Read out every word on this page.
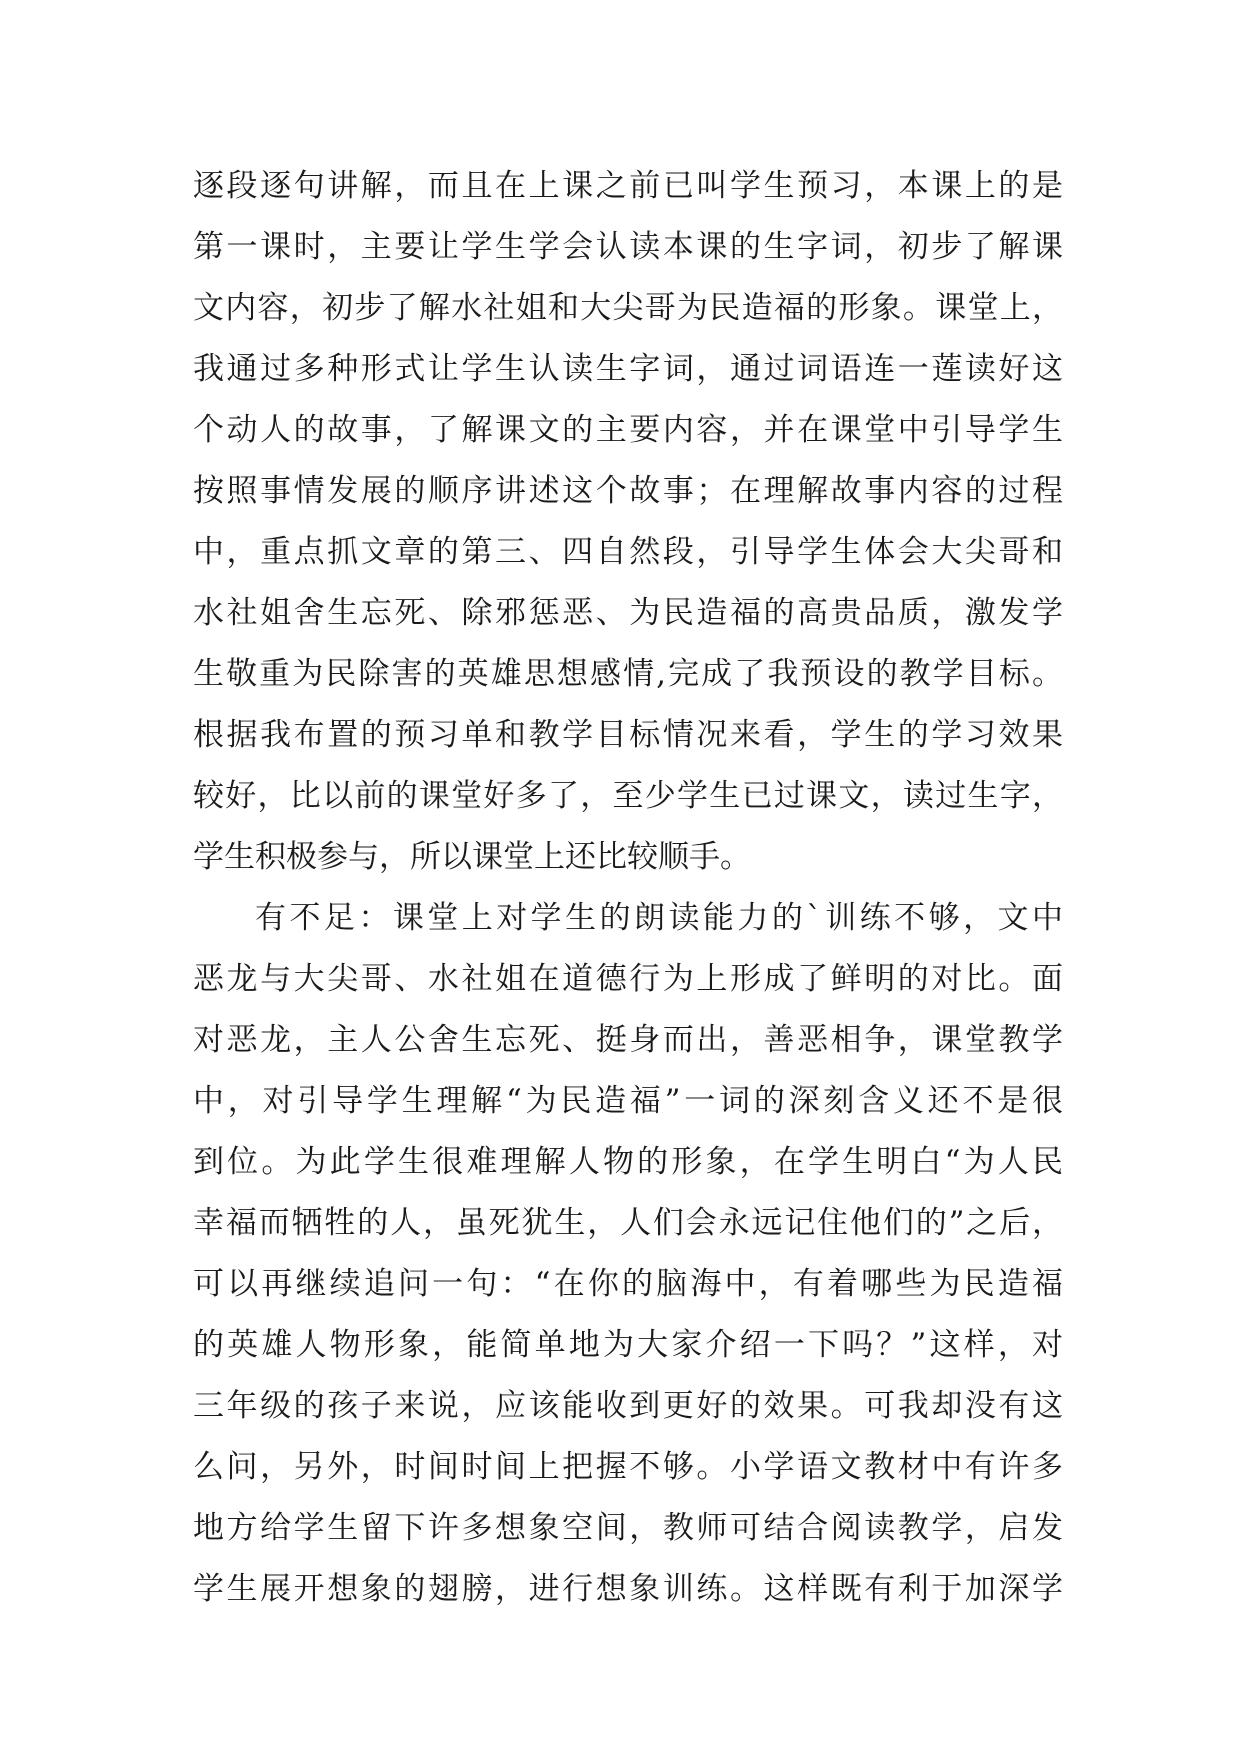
逐段逐句讲解，而且在上课之前已叫学生预习，本课上的是
第一课时，主要让学生学会认读本课的生字词，初步了解课
文内容，初步了解水社姐和大尖哥为民造福的形象。课堂上，
我通过多种形式让学生认读生字词，通过词语连一莲读好这
个动人的故事，了解课文的主要内容，并在课堂中引导学生
按照事情发展的顺序讲述这个故事；在理解故事内容的过程
中，重点抓文章的第三、四自然段，引导学生体会大尖哥和
水社姐舍生忘死、除邪惩恶、为民造福的高贵品质，激发学
生敬重为民除害的英雄思想感情,完成了我预设的教学目标。
根据我布置的预习单和教学目标情况来看，学生的学习效果
较好，比以前的课堂好多了，至少学生已过课文，读过生字，
学生积极参与，所以课堂上还比较顺手。
有不足：课堂上对学生的朗读能力的`训练不够，文中
恶龙与大尖哥、水社姐在道德行为上形成了鲜明的对比。面
对恶龙，主人公舍生忘死、挺身而出，善恶相争，课堂教学
中，对引导学生理解“为民造福”一词的深刻含义还不是很
到位。为此学生很难理解人物的形象，在学生明白“为人民
幸福而牺牲的人，虽死犹生，人们会永远记住他们的”之后，
可以再继续追问一句：“在你的脑海中，有着哪些为民造福
的英雄人物形象，能简单地为大家介绍一下吗？”这样，对
三年级的孩子来说，应该能收到更好的效果。可我却没有这
么问，另外，时间时间上把握不够。小学语文教材中有许多
地方给学生留下许多想象空间，教师可结合阅读教学，启发
学生展开想象的翅膀，进行想象训练。这样既有利于加深学
